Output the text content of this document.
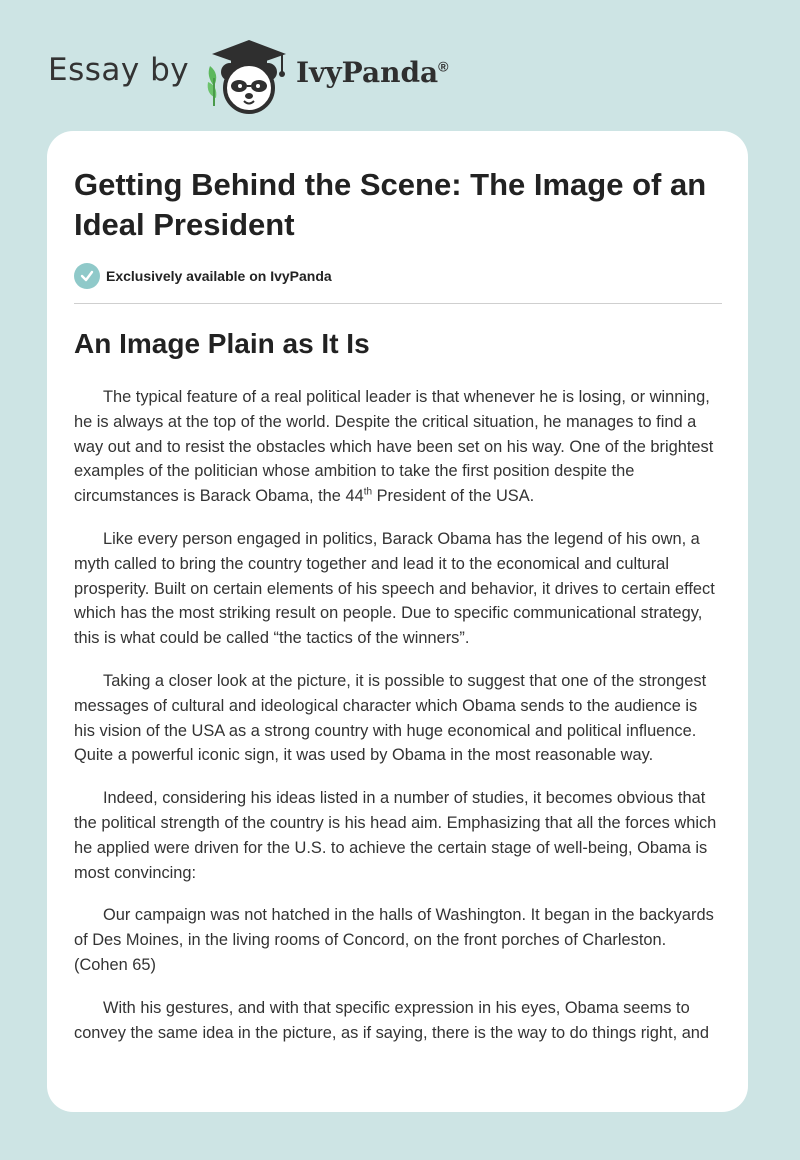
Essay by	IvyPanda®
Getting Behind the Scene: The Image of an Ideal President
Exclusively available on IvyPanda
An Image Plain as It Is

The typical feature of a real political leader is that whenever he is losing, or winning, he is always at the top of the world. Despite the critical situation, he manages to find a way out and to resist the obstacles which have been set on his way. One of the brightest examples of the politician whose ambition to take the first position despite the circumstances is Barack Obama, the 44th President of the USA.

Like every person engaged in politics, Barack Obama has the legend of his own, a myth called to bring the country together and lead it to the economical and cultural prosperity. Built on certain elements of his speech and behavior, it drives to certain effect which has the most striking result on people. Due to specific communicational strategy, this is what could be called “the tactics of the winners”.

Taking a closer look at the picture, it is possible to suggest that one of the strongest messages of cultural and ideological character which Obama sends to the audience is his vision of the USA as a strong country with huge economical and political influence. Quite a powerful iconic sign, it was used by Obama in the most reasonable way.

Indeed, considering his ideas listed in a number of studies, it becomes obvious that the political strength of the country is his head aim. Emphasizing that all the forces which he applied were driven for the U.S. to achieve the certain stage of well-being, Obama is most convincing:

Our campaign was not hatched in the halls of Washington. It began in the backyards of Des Moines, in the living rooms of Concord, on the front porches of Charleston. (Cohen 65)

With his gestures, and with that specific expression in his eyes, Obama seems to convey the same idea in the picture, as if saying, there is the way to do things right, and
